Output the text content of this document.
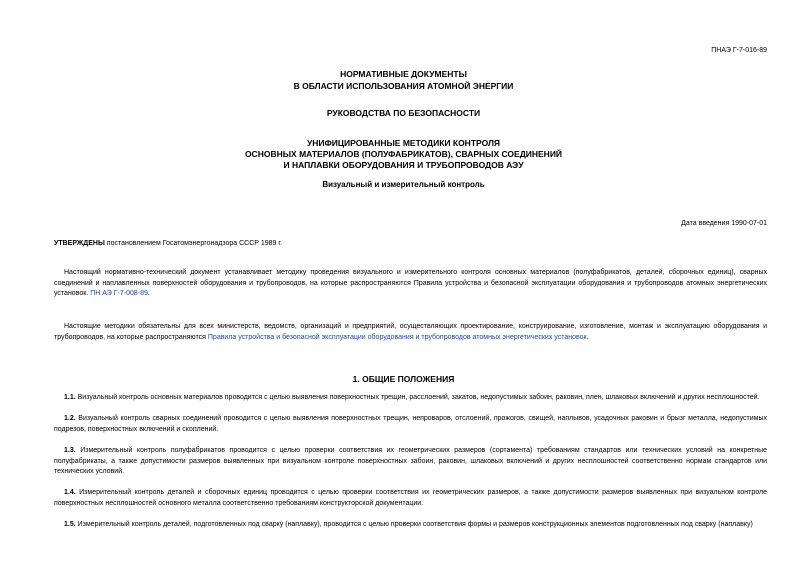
ПНАЭ Г-7-016-89
НОРМАТИВНЫЕ ДОКУМЕНТЫ
В ОБЛАСТИ ИСПОЛЬЗОВАНИЯ АТОМНОЙ ЭНЕРГИИ
РУКОВОДСТВА ПО БЕЗОПАСНОСТИ
УНИФИЦИРОВАННЫЕ МЕТОДИКИ КОНТРОЛЯ
ОСНОВНЫХ МАТЕРИАЛОВ (ПОЛУФАБРИКАТОВ), СВАРНЫХ СОЕДИНЕНИЙ
И НАПЛАВКИ ОБОРУДОВАНИЯ И ТРУБОПРОВОДОВ АЭУ
Визуальный и измерительный контроль
Дата введения 1990-07-01
УТВЕРЖДЕНЫ постановлением Госатомэнергонадзора СССР 1989 г.

Настоящий нормативно-технический документ устанавливает методику проведения визуального и измерительного контроля основных материалов (полуфабрикатов, деталей, сборочных единиц), сварных соединений и наплавленных поверхностей оборудования и трубопроводов, на которые распространяются Правила устройства и безопасной эксплуатации оборудования и трубопроводов атомных энергетических установок. ПН АЭ Г-7-008-89.

Настоящие методики обязательны для всех министерств, ведомств, организаций и предприятий, осуществляющих проектирование, конструирование, изготовление, монтаж и эксплуатацию оборудования и трубопроводов, на которые распространяются Правила устройства и безопасной эксплуатации оборудования и трубопроводов атомных энергетических установок.

1. ОБЩИЕ ПОЛОЖЕНИЯ

1.1. Визуальный контроль основных материалов проводится с целью выявления поверхностных трещин, расслоений, закатов, недопустимых забоин, раковин, плен, шлаковых включений и других несплошностей.

1.2. Визуальный контроль сварных соединений проводится с целью выявления поверхностных трещин, непроваров, отслоений, прожогов, свищей, наплывов, усадочных раковин и брызг металла, недопустимых подрезов, поверхностных включений и скоплений.

1.3. Измерительный контроль полуфабрикатов проводится с целью проверки соответствия их геометрических размеров (сортамента) требованиям стандартов или технических условий на конкретные полуфабрикаты, а также допустимости размеров выявленных при визуальном контроле поверхностных забоин, раковин, шлаковых включений и других несплошностей соответственно нормам стандартов или технических условий.

1.4. Измерительный контроль деталей и сборочных единиц проводится с целью проверки соответствия их геометрических размеров, а также допустимости размеров выявленных при визуальном контроле поверхностных несплошностей основного металла соответственно требованиям конструкторской документации.

1.5. Измерительный контроль деталей, подготовленных под сварку (наплавку), проводится с целью проверки соответствия формы и размеров конструкционных элементов подготовленных под сварку (наплавку)
